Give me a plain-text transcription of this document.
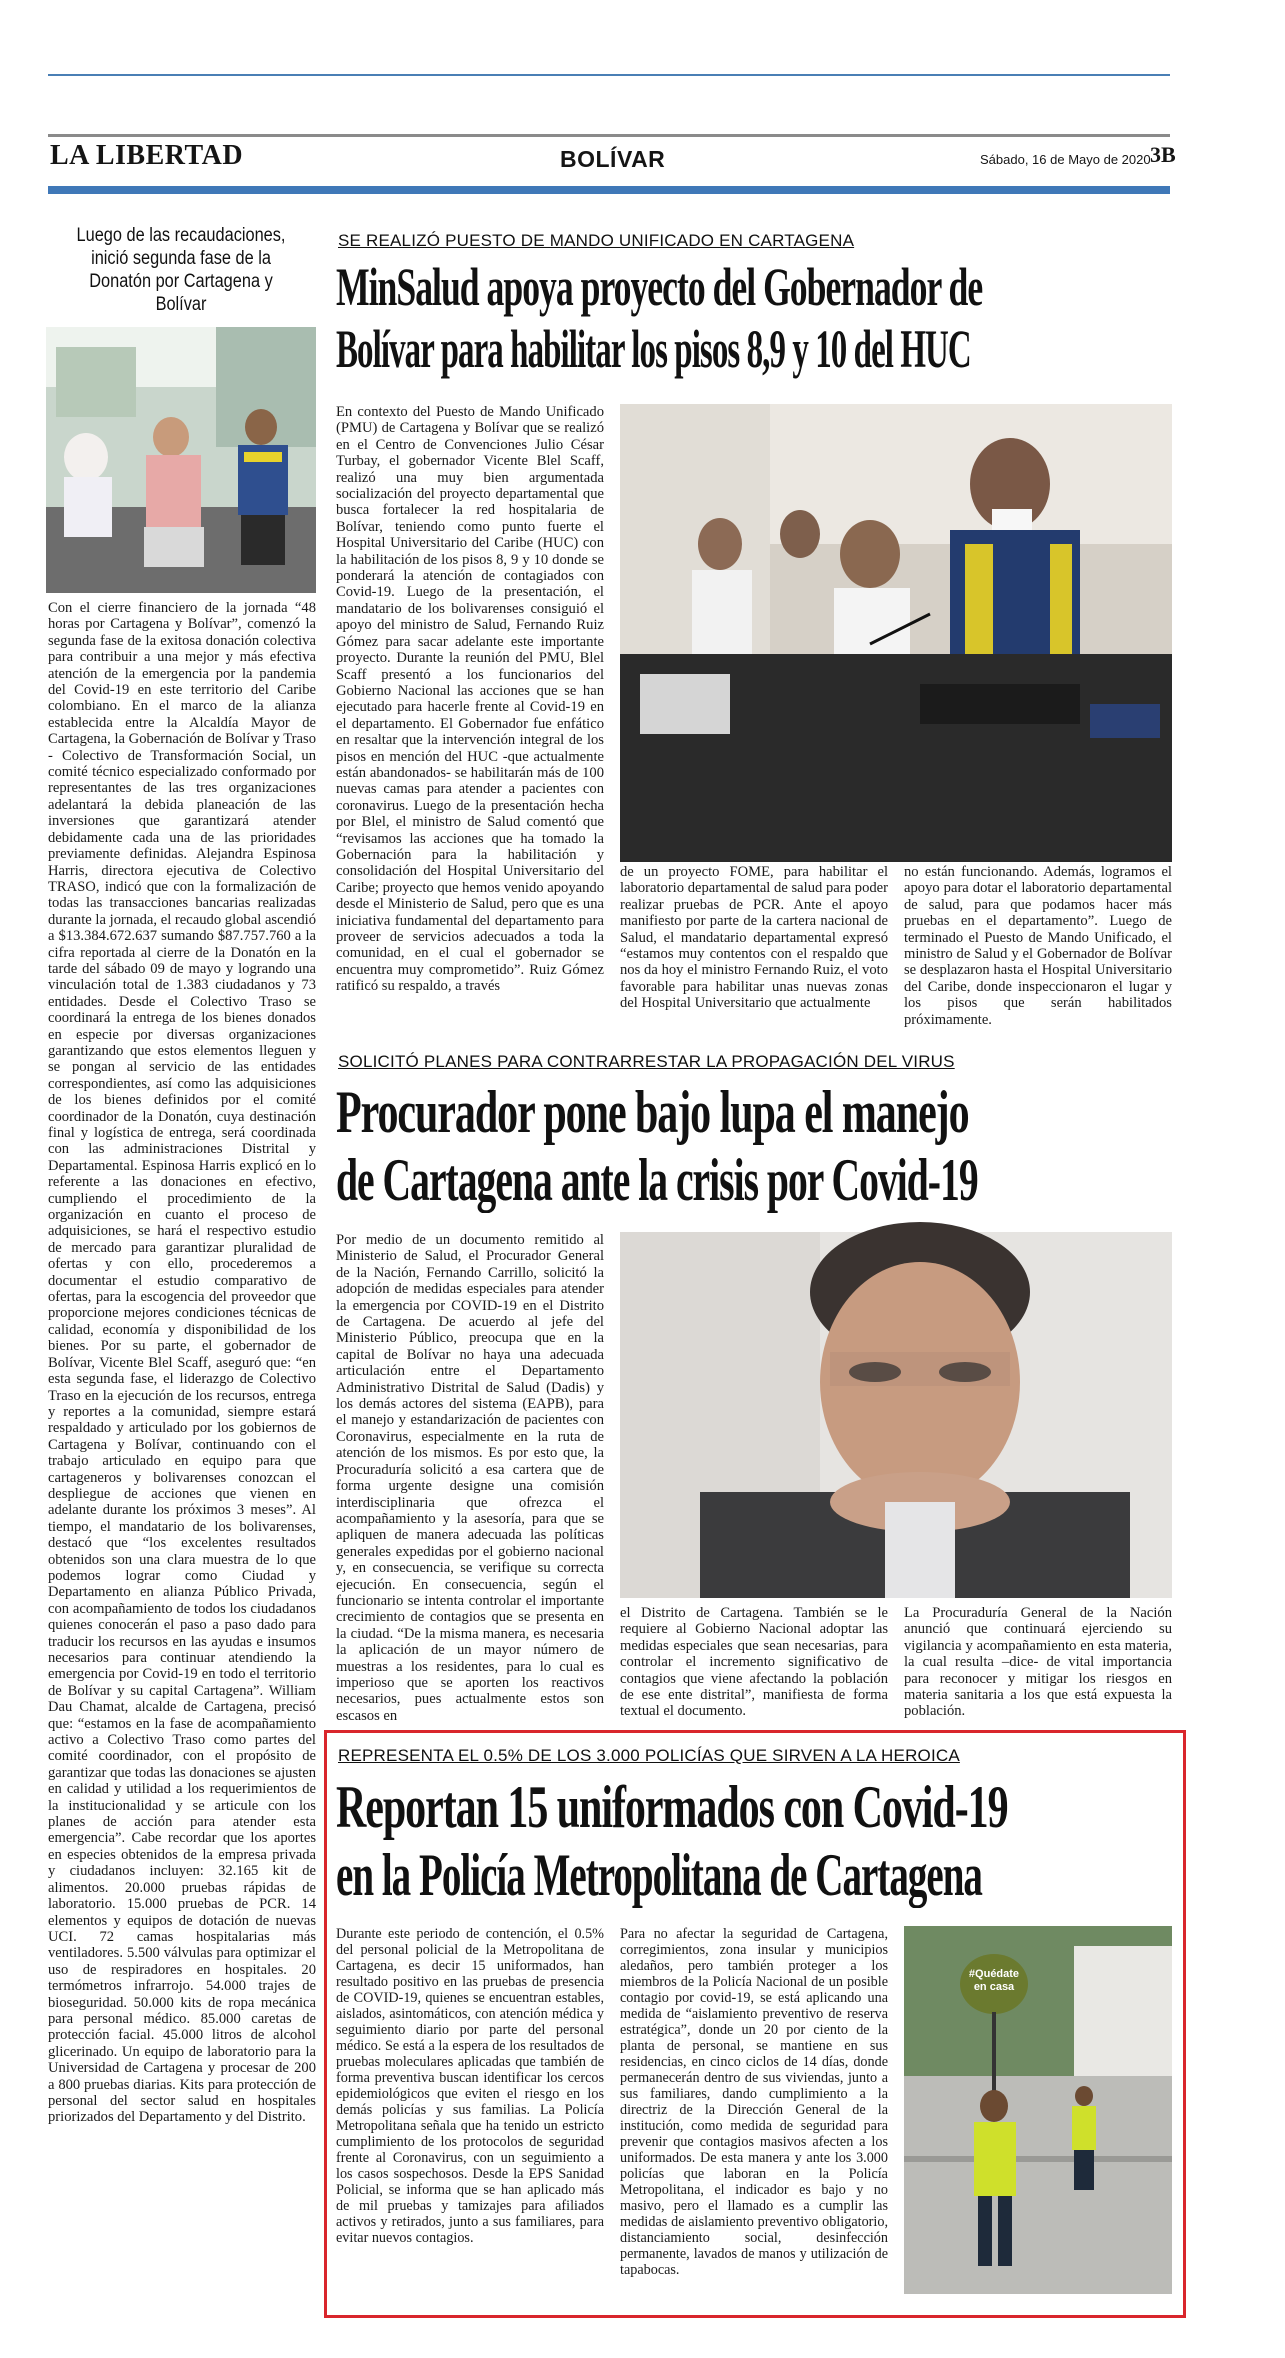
LA LIBERTAD	BOLÍVAR	Sábado, 16 de Mayo de 2020 3B
Luego de las recaudaciones, inició segunda fase de la Donatón por Cartagena y Bolívar
Con el cierre financiero de la jornada “48 horas por Cartagena y Bolívar”, comenzó la segunda fase de la exitosa donación colectiva para contribuir a una mejor y más efectiva atención de la emergencia por la pandemia del Covid-19 en este territorio del Caribe colombiano. En el marco de la alianza establecida entre la Alcaldía Mayor de Cartagena, la Gobernación de Bolívar y Traso - Colectivo de Transformación Social, un comité técnico especializado conformado por representantes de las tres organizaciones adelantará la debida planeación de las inversiones que garantizará atender debidamente cada una de las prioridades previamente definidas. Alejandra Espinosa Harris, directora ejecutiva de Colectivo TRASO, indicó que con la formalización de todas las transacciones bancarias realizadas durante la jornada, el recaudo global ascendió a $13.384.672.637 sumando $87.757.760 a la cifra reportada al cierre de la Donatón en la tarde del sábado 09 de mayo y logrando una vinculación total de 1.383 ciudadanos y 73 entidades. Desde el Colectivo Traso se coordinará la entrega de los bienes donados en especie por diversas organizaciones garantizando que estos elementos lleguen y se pongan al servicio de las entidades correspondientes, así como las adquisiciones de los bienes definidos por el comité coordinador de la Donatón, cuya destinación final y logística de entrega, será coordinada con las administraciones Distrital y Departamental. Espinosa Harris explicó en lo referente a las donaciones en efectivo, cumpliendo el procedimiento de la organización en cuanto el proceso de adquisiciones, se hará el respectivo estudio de mercado para garantizar pluralidad de ofertas y con ello, procederemos a documentar el estudio comparativo de ofertas, para la escogencia del proveedor que proporcione mejores condiciones técnicas de calidad, economía y disponibilidad de los bienes. Por su parte, el gobernador de Bolívar, Vicente Blel Scaff, aseguró que: “en esta segunda fase, el liderazgo de Colectivo Traso en la ejecución de los recursos, entrega y reportes a la comunidad, siempre estará respaldado y articulado por los gobiernos de Cartagena y Bolívar, continuando con el trabajo articulado en equipo para que cartageneros y bolivarenses conozcan el despliegue de acciones que vienen en adelante durante los próximos 3 meses”. Al tiempo, el mandatario de los bolivarenses, destacó que “los excelentes resultados obtenidos son una clara muestra de lo que podemos lograr como Ciudad y Departamento en alianza Público Privada, con acompañamiento de todos los ciudadanos quienes conocerán el paso a paso dado para traducir los recursos en las ayudas e insumos necesarios para continuar atendiendo la emergencia por Covid-19 en todo el territorio de Bolívar y su capital Cartagena”. William Dau Chamat, alcalde de Cartagena, precisó que: “estamos en la fase de acompañamiento activo a Colectivo Traso como partes del comité coordinador, con el propósito de garantizar que todas las donaciones se ajusten en calidad y utilidad a los requerimientos de la institucionalidad y se articule con los planes de acción para atender esta emergencia”. Cabe recordar que los aportes en especies obtenidos de la empresa privada y ciudadanos incluyen: 32.165 kit de alimentos. 20.000 pruebas rápidas de laboratorio. 15.000 pruebas de PCR. 14 elementos y equipos de dotación de nuevas UCI. 72 camas hospitalarias más ventiladores. 5.500 válvulas para optimizar el uso de respiradores en hospitales. 20 termómetros infrarrojo. 54.000 trajes de bioseguridad. 50.000 kits de ropa mecánica para personal médico. 85.000 caretas de protección facial. 45.000 litros de alcohol glicerinado. Un equipo de laboratorio para la Universidad de Cartagena y procesar de 200 a 800 pruebas diarias. Kits para protección de personal del sector salud en hospitales priorizados del Departamento y del Distrito.
SE REALIZÓ PUESTO DE MANDO UNIFICADO EN CARTAGENA
MinSalud apoya proyecto del Gobernador de
Bolívar para habilitar los pisos 8,9 y 10 del HUC
En contexto del Puesto de Mando Unificado (PMU) de Cartagena y Bolívar que se realizó en el Centro de Convenciones Julio César Turbay, el gobernador Vicente Blel Scaff, realizó una muy bien argumentada socialización del proyecto departamental que busca fortalecer la red hospitalaria de Bolívar, teniendo como punto fuerte el Hospital Universitario del Caribe (HUC) con la habilitación de los pisos 8, 9 y 10 donde se ponderará la atención de contagiados con Covid-19. Luego de la presentación, el mandatario de los bolivarenses consiguió el apoyo del ministro de Salud, Fernando Ruiz Gómez para sacar adelante este importante proyecto. Durante la reunión del PMU, Blel Scaff presentó a los funcionarios del Gobierno Nacional las acciones que se han ejecutado para hacerle frente al Covid-19 en el departamento. El Gobernador fue enfático en resaltar que la intervención integral de los pisos en mención del HUC -que actualmente están abandonados- se habilitarán más de 100 nuevas camas para atender a pacientes con coronavirus. Luego de la presentación hecha por Blel, el ministro de Salud comentó que “revisamos las acciones que ha tomado la Gobernación para la habilitación y consolidación del Hospital Universitario del Caribe; proyecto que hemos venido apoyando desde el Ministerio de Salud, pero que es una iniciativa fundamental del departamento para proveer de servicios adecuados a toda la comunidad, en el cual el gobernador se encuentra muy comprometido”. Ruiz Gómez ratificó su respaldo, a través
de un proyecto FOME, para habilitar el laboratorio departamental de salud para poder realizar pruebas de PCR. Ante el apoyo manifiesto por parte de la cartera nacional de Salud, el mandatario departamental expresó “estamos muy contentos con el respaldo que nos da hoy el ministro Fernando Ruiz, el voto favorable para habilitar unas nuevas zonas del Hospital Universitario que actualmente
no están funcionando. Además, logramos el apoyo para dotar el laboratorio departamental de salud, para que podamos hacer más pruebas en el departamento”. Luego de terminado el Puesto de Mando Unificado, el ministro de Salud y el Gobernador de Bolívar se desplazaron hasta el Hospital Universitario del Caribe, donde inspeccionaron el lugar y los pisos que serán habilitados próximamente.
SOLICITÓ PLANES PARA CONTRARRESTAR LA PROPAGACIÓN DEL VIRUS
Procurador pone bajo lupa el manejo
de Cartagena ante la crisis por Covid-19
Por medio de un documento remitido al Ministerio de Salud, el Procurador General de la Nación, Fernando Carrillo, solicitó la adopción de medidas especiales para atender la emergencia por COVID-19 en el Distrito de Cartagena. De acuerdo al jefe del Ministerio Público, preocupa que en la capital de Bolívar no haya una adecuada articulación entre el Departamento Administrativo Distrital de Salud (Dadis) y los demás actores del sistema (EAPB), para el manejo y estandarización de pacientes con Coronavirus, especialmente en la ruta de atención de los mismos. Es por esto que, la Procuraduría solicitó a esa cartera que de forma urgente designe una comisión interdisciplinaria que ofrezca el acompañamiento y la asesoría, para que se apliquen de manera adecuada las políticas generales expedidas por el gobierno nacional y, en consecuencia, se verifique su correcta ejecución. En consecuencia, según el funcionario se intenta controlar el importante crecimiento de contagios que se presenta en la ciudad. “De la misma manera, es necesaria la aplicación de un mayor número de muestras a los residentes, para lo cual es imperioso que se aporten los reactivos necesarios, pues actualmente estos son escasos en
el Distrito de Cartagena. También se le requiere al Gobierno Nacional adoptar las medidas especiales que sean necesarias, para controlar el incremento significativo de contagios que viene afectando la población de ese ente distrital”, manifiesta de forma textual el documento.
La Procuraduría General de la Nación anunció que continuará ejerciendo su vigilancia y acompañamiento en esta materia, la cual resulta –dice- de vital importancia para reconocer y mitigar los riesgos en materia sanitaria a los que está expuesta la población.
REPRESENTA EL 0.5% DE LOS 3.000 POLICÍAS QUE SIRVEN A LA HEROICA
Reportan 15 uniformados con Covid-19
en la Policía Metropolitana de Cartagena
Durante este periodo de contención, el 0.5% del personal policial de la Metropolitana de Cartagena, es decir 15 uniformados, han resultado positivo en las pruebas de presencia de COVID-19, quienes se encuentran estables, aislados, asintomáticos, con atención médica y seguimiento diario por parte del personal médico. Se está a la espera de los resultados de pruebas moleculares aplicadas que también de forma preventiva buscan identificar los cercos epidemiológicos que eviten el riesgo en los demás policías y sus familias. La Policía Metropolitana señala que ha tenido un estricto cumplimiento de los protocolos de seguridad frente al Coronavirus, con un seguimiento a los casos sospechosos. Desde la EPS Sanidad Policial, se informa que se han aplicado más de mil pruebas y tamizajes para afiliados activos y retirados, junto a sus familiares, para evitar nuevos contagios.
Para no afectar la seguridad de Cartagena, corregimientos, zona insular y municipios aledaños, pero también proteger a los miembros de la Policía Nacional de un posible contagio por covid-19, se está aplicando una medida de “aislamiento preventivo de reserva estratégica”, donde un 20 por ciento de la planta de personal, se mantiene en sus residencias, en cinco ciclos de 14 días, donde permanecerán dentro de sus viviendas, junto a sus familiares, dando cumplimiento a la directriz de la Dirección General de la institución, como medida de seguridad para prevenir que contagios masivos afecten a los uniformados. De esta manera y ante los 3.000 policías que laboran en la Policía Metropolitana, el indicador es bajo y no masivo, pero el llamado es a cumplir las medidas de aislamiento preventivo obligatorio, distanciamiento social, desinfección permanente, lavados de manos y utilización de tapabocas.
#Quédate en casa
